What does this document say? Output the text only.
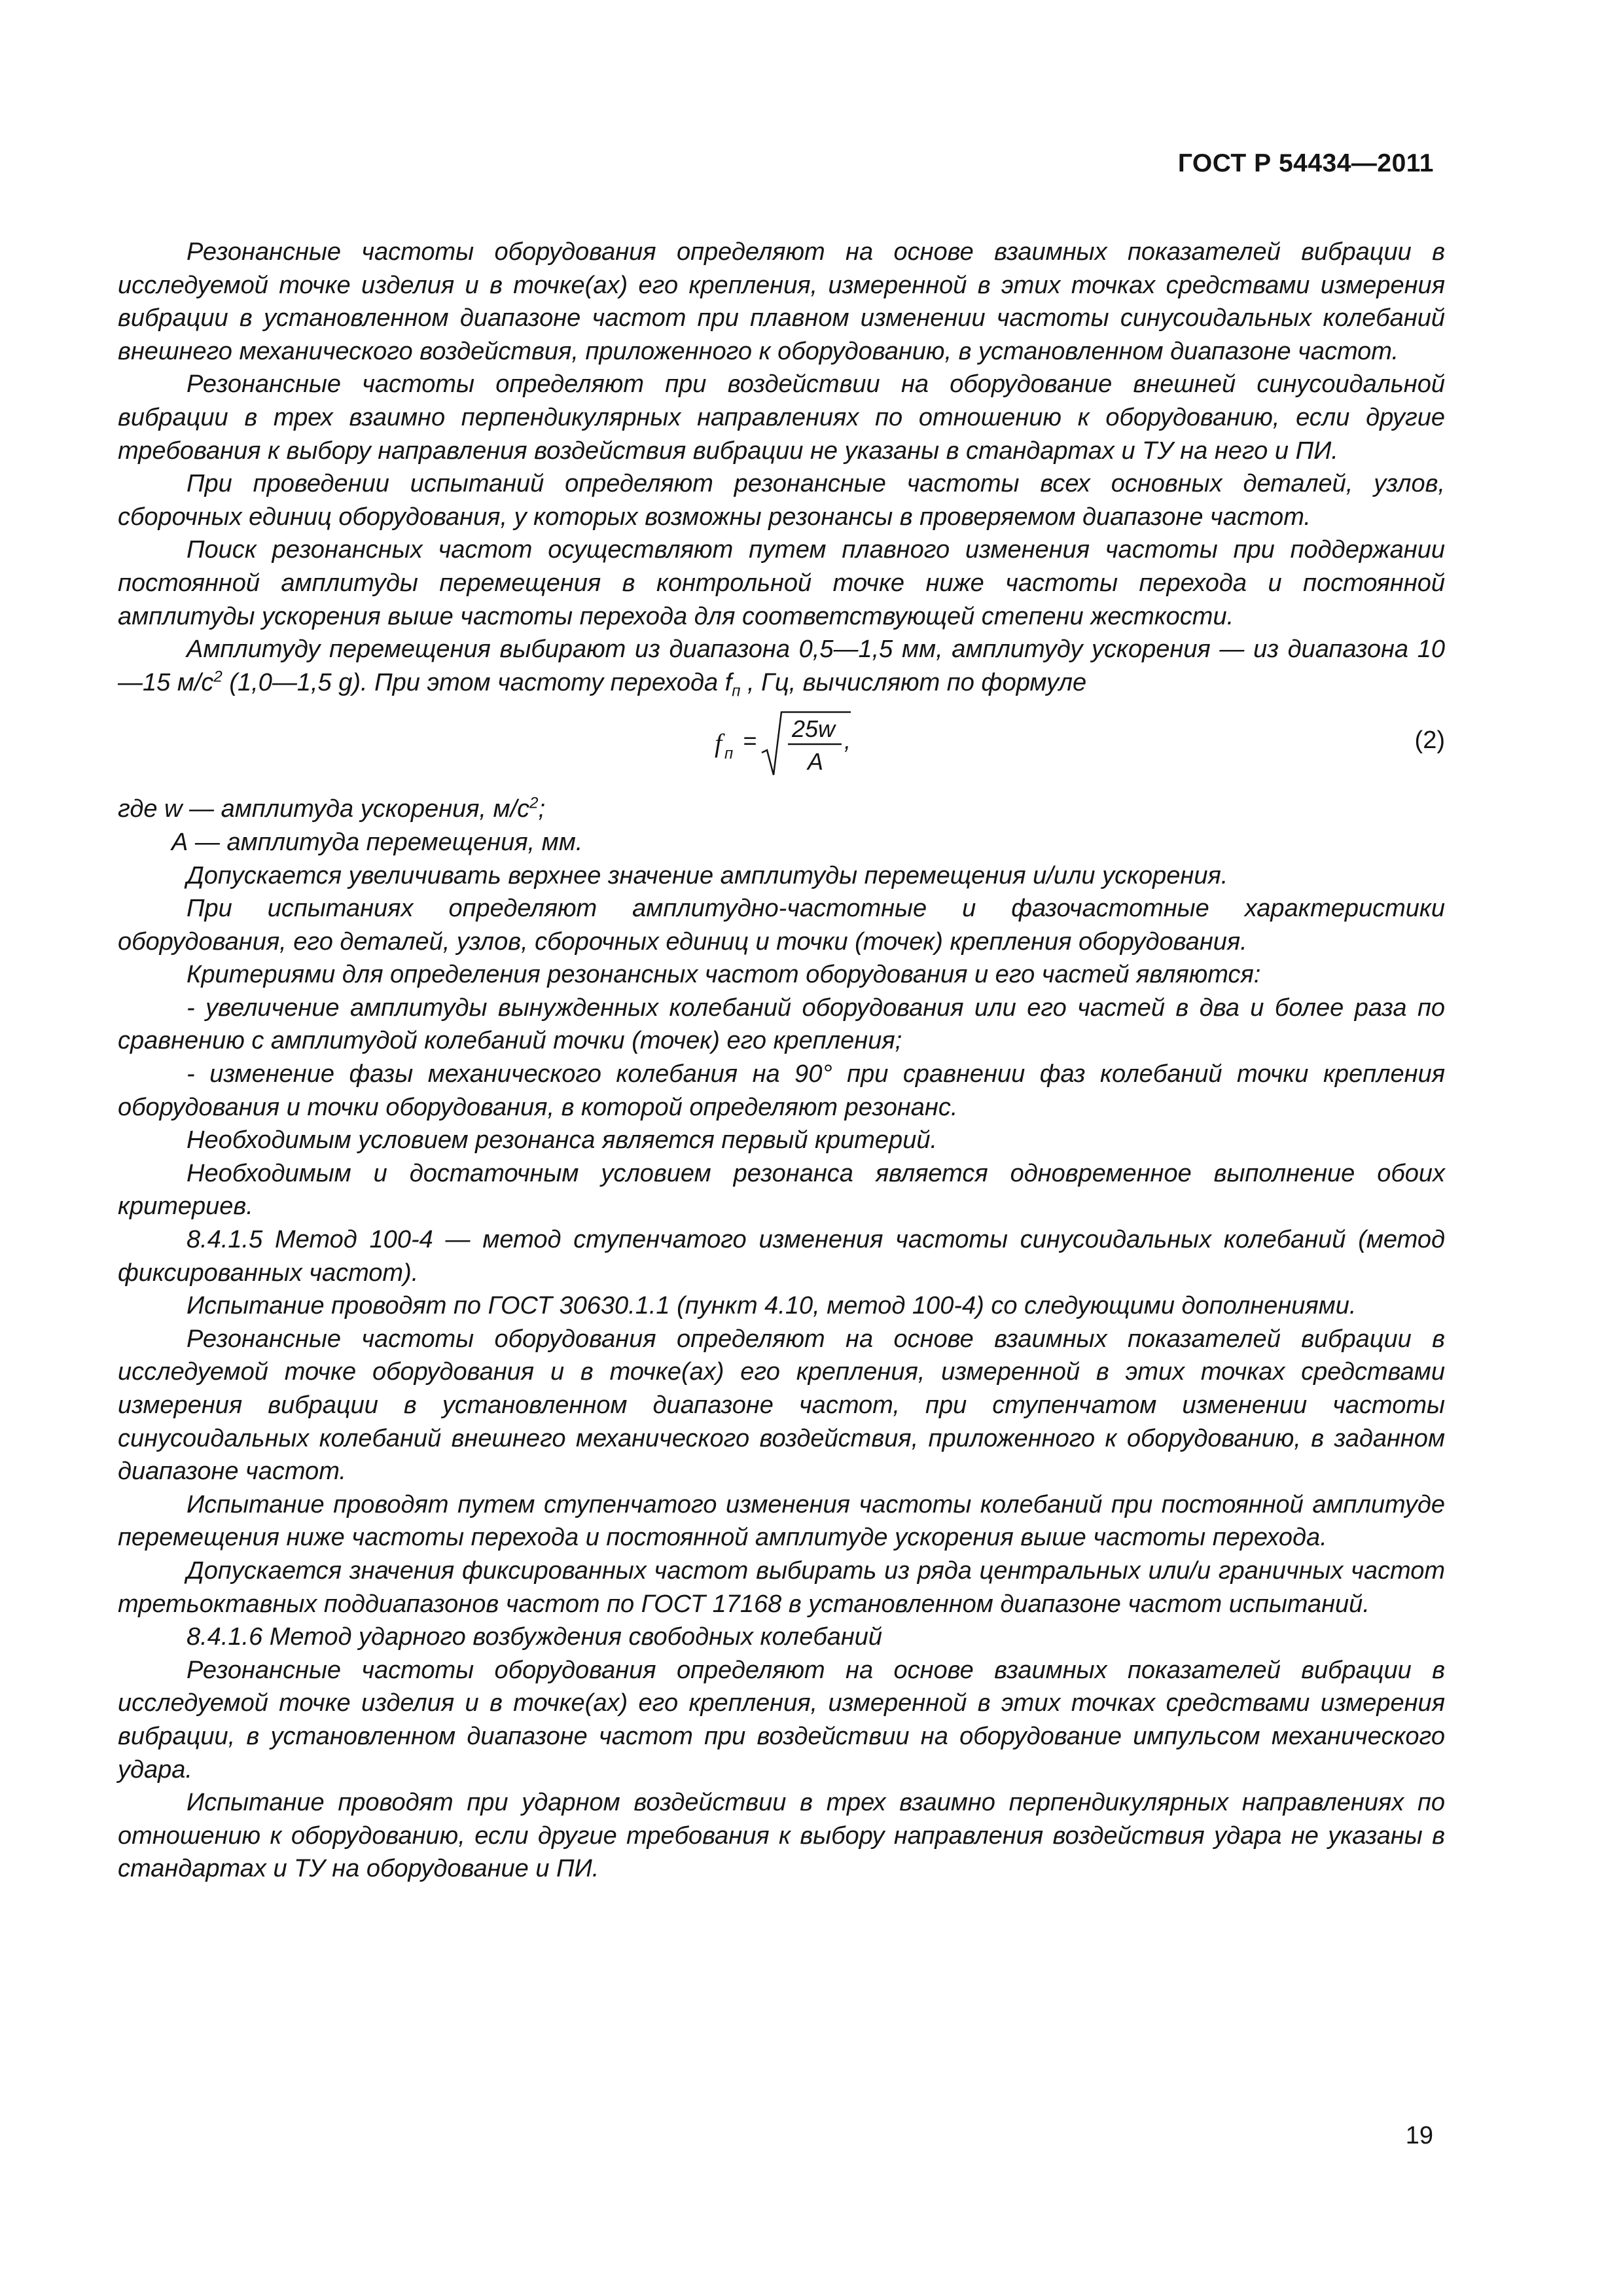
ГОСТ Р 54434—2011

Резонансные частоты оборудования определяют на основе взаимных показателей вибрации в исследуемой точке изделия и в точке(ах) его крепления, измеренной в этих точках средствами измерения вибрации в установленном диапазоне частот при плавном изменении частоты синусоидальных колебаний внешнего механического воздействия, приложенного к оборудованию, в установленном диапазоне частот.

Резонансные частоты определяют при воздействии на оборудование внешней синусоидальной вибрации в трех взаимно перпендикулярных направлениях по отношению к оборудованию, если другие требования к выбору направления воздействия вибрации не указаны в стандартах и ТУ на него и ПИ.

При проведении испытаний определяют резонансные частоты всех основных деталей, узлов, сборочных единиц оборудования, у которых возможны резонансы в проверяемом диапазоне частот.

Поиск резонансных частот осуществляют путем плавного изменения частоты при поддержании постоянной амплитуды перемещения в контрольной точке ниже частоты перехода и постоянной амплитуды ускорения выше частоты перехода для соответствующей степени жесткости.

Амплитуду перемещения выбирают из диапазона 0,5—1,5 мм, амплитуду ускорения — из диапазона 10—15 $м/с^2$ (1,0—1,5 g). При этом частоту перехода $f_п$ , Гц, вычисляют по формуле

f п = 25w
A
,	(2)

где w — амплитуда ускорения, $м/с^2$;

А — амплитуда перемещения, мм.

Допускается увеличивать верхнее значение амплитуды перемещения и/или ускорения.

При испытаниях определяют амплитудно-частотные и фазочастотные характеристики оборудования, его деталей, узлов, сборочных единиц и точки (точек) крепления оборудования.

Критериями для определения резонансных частот оборудования и его частей являются:

- увеличение амплитуды вынужденных колебаний оборудования или его частей в два и более раза по сравнению с амплитудой колебаний точки (точек) его крепления;

- изменение фазы механического колебания на 90° при сравнении фаз колебаний точки крепления оборудования и точки оборудования, в которой определяют резонанс.

Необходимым условием резонанса является первый критерий.

Необходимым и достаточным условием резонанса является одновременное выполнение обоих критериев.

8.4.1.5 Метод 100-4 — метод ступенчатого изменения частоты синусоидальных колебаний (метод фиксированных частот).

Испытание проводят по ГОСТ 30630.1.1 (пункт 4.10, метод 100-4) со следующими дополнениями.

Резонансные частоты оборудования определяют на основе взаимных показателей вибрации в исследуемой точке оборудования и в точке(ах) его крепления, измеренной в этих точках средствами измерения вибрации в установленном диапазоне частот, при ступенчатом изменении частоты синусоидальных колебаний внешнего механического воздействия, приложенного к оборудованию, в заданном диапазоне частот.

Испытание проводят путем ступенчатого изменения частоты колебаний при постоянной амплитуде перемещения ниже частоты перехода и постоянной амплитуде ускорения выше частоты перехода.

Допускается значения фиксированных частот выбирать из ряда центральных или/и граничных частот третьоктавных поддиапазонов частот по ГОСТ 17168 в установленном диапазоне частот испытаний.

8.4.1.6 Метод ударного возбуждения свободных колебаний

Резонансные частоты оборудования определяют на основе взаимных показателей вибрации в исследуемой точке изделия и в точке(ах) его крепления, измеренной в этих точках средствами измерения вибрации, в установленном диапазоне частот при воздействии на оборудование импульсом механического удара.

Испытание проводят при ударном воздействии в трех взаимно перпендикулярных направлениях по отношению к оборудованию, если другие требования к выбору направления воздействия удара не указаны в стандартах и ТУ на оборудование и ПИ.

19
